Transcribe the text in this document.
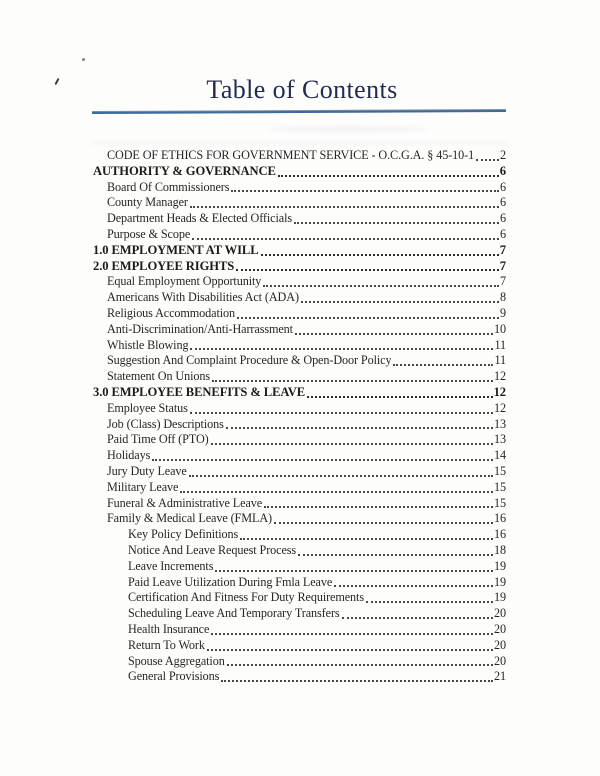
Table of Contents
CODE OF ETHICS FOR GOVERNMENT SERVICE - O.C.G.A. § 45-10-1 2
AUTHORITY & GOVERNANCE	6
Board Of Commissioners	6
County Manager	6
Department Heads & Elected Officials	6
Purpose & Scope	6
1.0 EMPLOYMENT AT WILL	7
2.0 EMPLOYEE RIGHTS	7
Equal Employment Opportunity	7
Americans With Disabilities Act (ADA)	8
Religious Accommodation	9
Anti-Discrimination/Anti-Harrassment	10
Whistle Blowing	11
Suggestion And Complaint Procedure & Open-Door Policy	11
Statement On Unions	12
3.0 EMPLOYEE BENEFITS & LEAVE	12
Employee Status	12
Job (Class) Descriptions	13
Paid Time Off (PTO)	13
Holidays	14
Jury Duty Leave	15
Military Leave	15
Funeral & Administrative Leave	15
Family & Medical Leave (FMLA)	16
Key Policy Definitions	16
Notice And Leave Request Process	18
Leave Increments	19
Paid Leave Utilization During Fmla Leave	19
Certification And Fitness For Duty Requirements	19
Scheduling Leave And Temporary Transfers	20
Health Insurance	20
Return To Work	20
Spouse Aggregation	20
General Provisions	21
